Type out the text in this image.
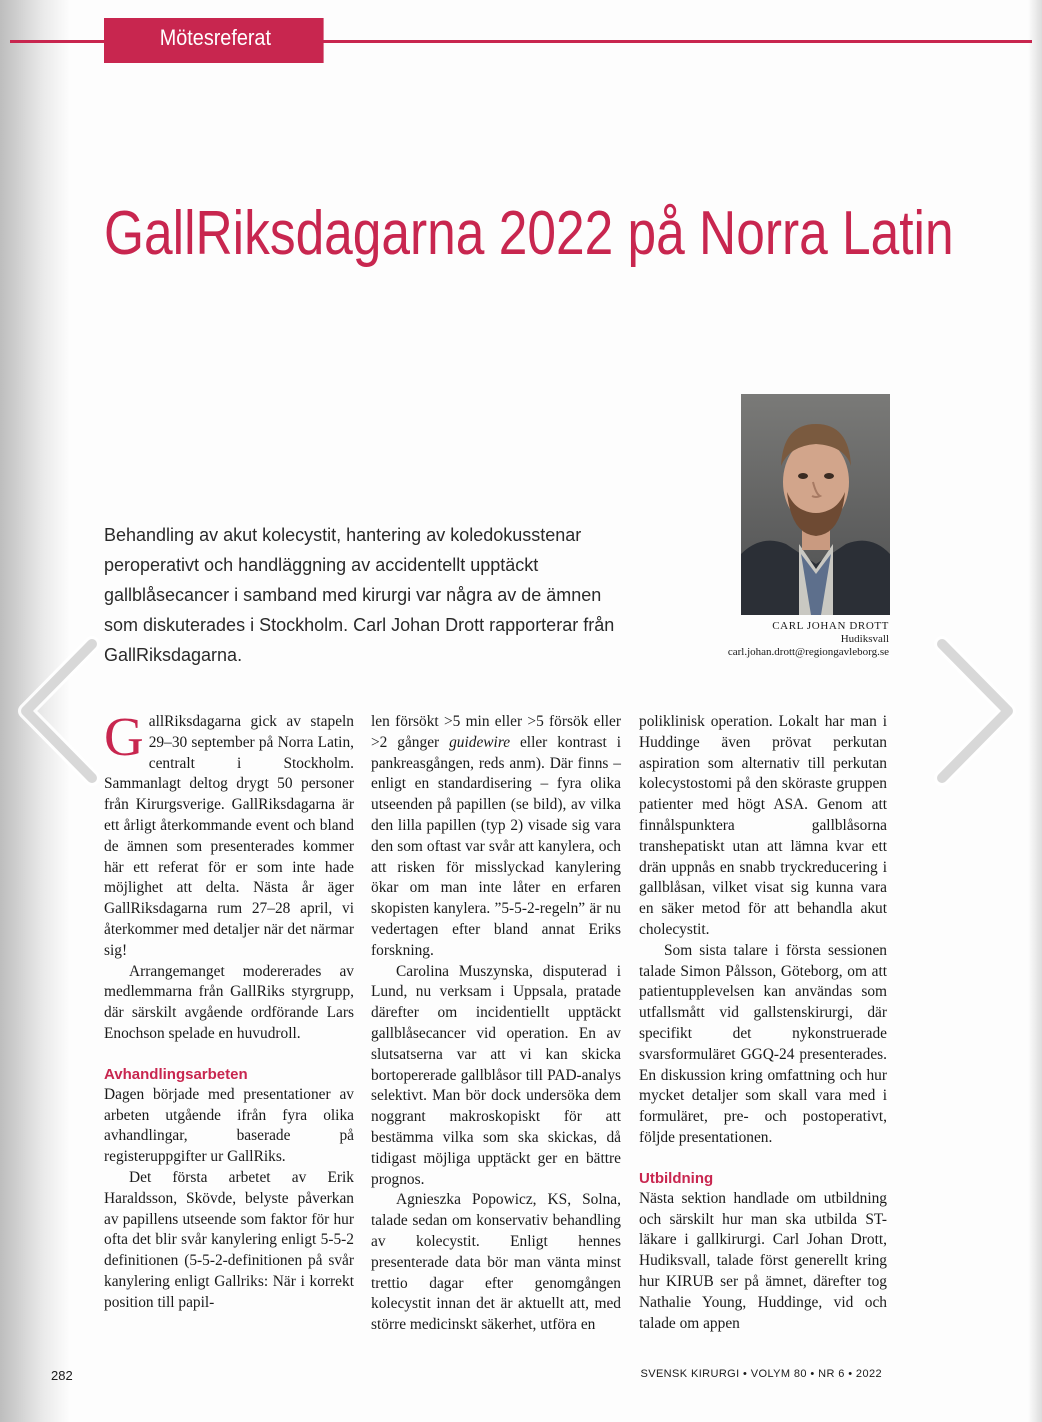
Mötesreferat
GallRiksdagarna 2022 på Norra Latin
CARL JOHAN DROTT
Hudiksvall
carl.johan.drott@regiongavleborg.se

Behandling av akut kolecystit, hantering av koledokusstenar peroperativt och handläggning av accidentellt upptäckt gallblåsecancer i samband med kirurgi var några av de ämnen som diskuterades i Stockholm. Carl Johan Drott rapporterar från GallRiksdagarna.

GallRiksdagarna gick av stapeln 29–30 september på Norra Latin, centralt i Stockholm. Sammanlagt deltog drygt 50 personer från Kirurgsverige. GallRiksdagarna är ett årligt återkommande event och bland de ämnen som presenterades kommer här ett referat för er som inte hade möjlighet att delta. Nästa år äger GallRiksdagarna rum 27–28 april, vi återkommer med detaljer när det närmar sig!

Arrangemanget modererades av medlemmarna från GallRiks styrgrupp, där särskilt avgående ordförande Lars Enochson spelade en huvudroll.

Avhandlingsarbeten

Dagen började med presentationer av arbeten utgående ifrån fyra olika avhandlingar, baserade på registeruppgifter ur GallRiks.

Det första arbetet av Erik Haraldsson, Skövde, belyste påverkan av papillens utseende som faktor för hur ofta det blir svår kanylering enligt 5-5-2 definitionen (5-5-2-definitionen på svår kanylering enligt Gallriks: När i korrekt position till papil-

len försökt >5 min eller >5 försök eller >2 gånger guidewire eller kontrast i pankreasgången, reds anm). Där finns – enligt en standardisering – fyra olika utseenden på papillen (se bild), av vilka den lilla papillen (typ 2) visade sig vara den som oftast var svår att kanylera, och att risken för misslyckad kanylering ökar om man inte låter en erfaren skopisten kanylera. ”5-5-2-regeln” är nu vedertagen efter bland annat Eriks forskning.

Carolina Muszynska, disputerad i Lund, nu verksam i Uppsala, pratade därefter om incidentiellt upptäckt gallblåsecancer vid operation. En av slutsatserna var att vi kan skicka bortopererade gallblåsor till PAD-analys selektivt. Man bör dock undersöka dem noggrant makroskopiskt för att bestämma vilka som ska skickas, då tidigast möjliga upptäckt ger en bättre prognos.

Agnieszka Popowicz, KS, Solna, talade sedan om konservativ behandling av kolecystit. Enligt hennes presenterade data bör man vänta minst trettio dagar efter genomgången kolecystit innan det är aktuellt att, med större medicinskt säkerhet, utföra en

poliklinisk operation. Lokalt har man i Huddinge även prövat perkutan aspiration som alternativ till perkutan kolecystostomi på den sköraste gruppen patienter med högt ASA. Genom att finnålspunktera gallblåsorna transhepatiskt utan att lämna kvar ett drän uppnås en snabb tryckreducering i gallblåsan, vilket visat sig kunna vara en säker metod för att behandla akut cholecystit.

Som sista talare i första sessionen talade Simon Pålsson, Göteborg, om att patientupplevelsen kan användas som utfallsmått vid gallstenskirurgi, där specifikt det nykonstruerade svarsformuläret GGQ-24 presenterades. En diskussion kring omfattning och hur mycket detaljer som skall vara med i formuläret, pre- och postoperativt, följde presentationen.

Utbildning

Nästa sektion handlade om utbildning och särskilt hur man ska utbilda ST-läkare i gallkirurgi. Carl Johan Drott, Hudiksvall, talade först generellt kring hur KIRUB ser på ämnet, därefter tog Nathalie Young, Huddinge, vid och talade om appen

282	SVENSK KIRURGI • VOLYM 80 • NR 6 • 2022
